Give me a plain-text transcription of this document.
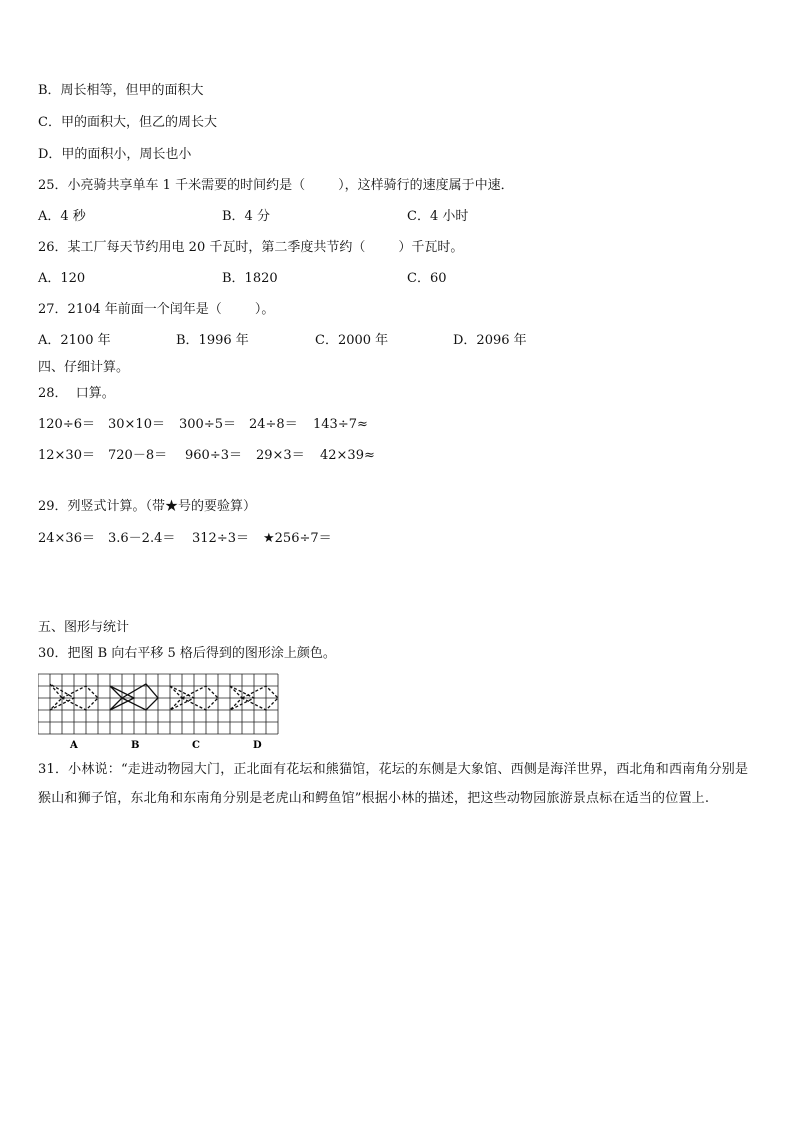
B．周长相等，但甲的面积大
C．甲的面积大，但乙的周长大
D．甲的面积小，周长也小
25．小亮骑共享单车 1 千米需要的时间约是（        ），这样骑行的速度属于中速．
A．4 秒	B．4 分	C．4 小时
26．某工厂每天节约用电 20 千瓦时，第二季度共节约（        ）千瓦时。
A．120	B．1820	C．60
27．2104 年前面一个闰年是（        ）。
A．2100 年	B．1996 年	C．2000 年	D．2096 年
四、仔细计算。
28．  口算。
120÷6＝ 30×10＝ 300÷5＝ 24÷8＝ 143÷7≈
12×30＝ 720－8＝ 960÷3＝ 29×3＝ 42×39≈
29．列竖式计算。（带★号的要验算）
24×36＝ 3.6－2.4＝ 312÷3＝ ★256÷7＝
五、图形与统计
30．把图 B 向右平移 5 格后得到的图形涂上颜色。
A	B	C	D
31．小林说：“走进动物园大门，正北面有花坛和熊猫馆，花坛的东侧是大象馆、西侧是海洋世界，西北角和西南角分别是猴山和狮子馆，东北角和东南角分别是老虎山和鳄鱼馆”根据小林的描述，把这些动物园旅游景点标在适当的位置上.
